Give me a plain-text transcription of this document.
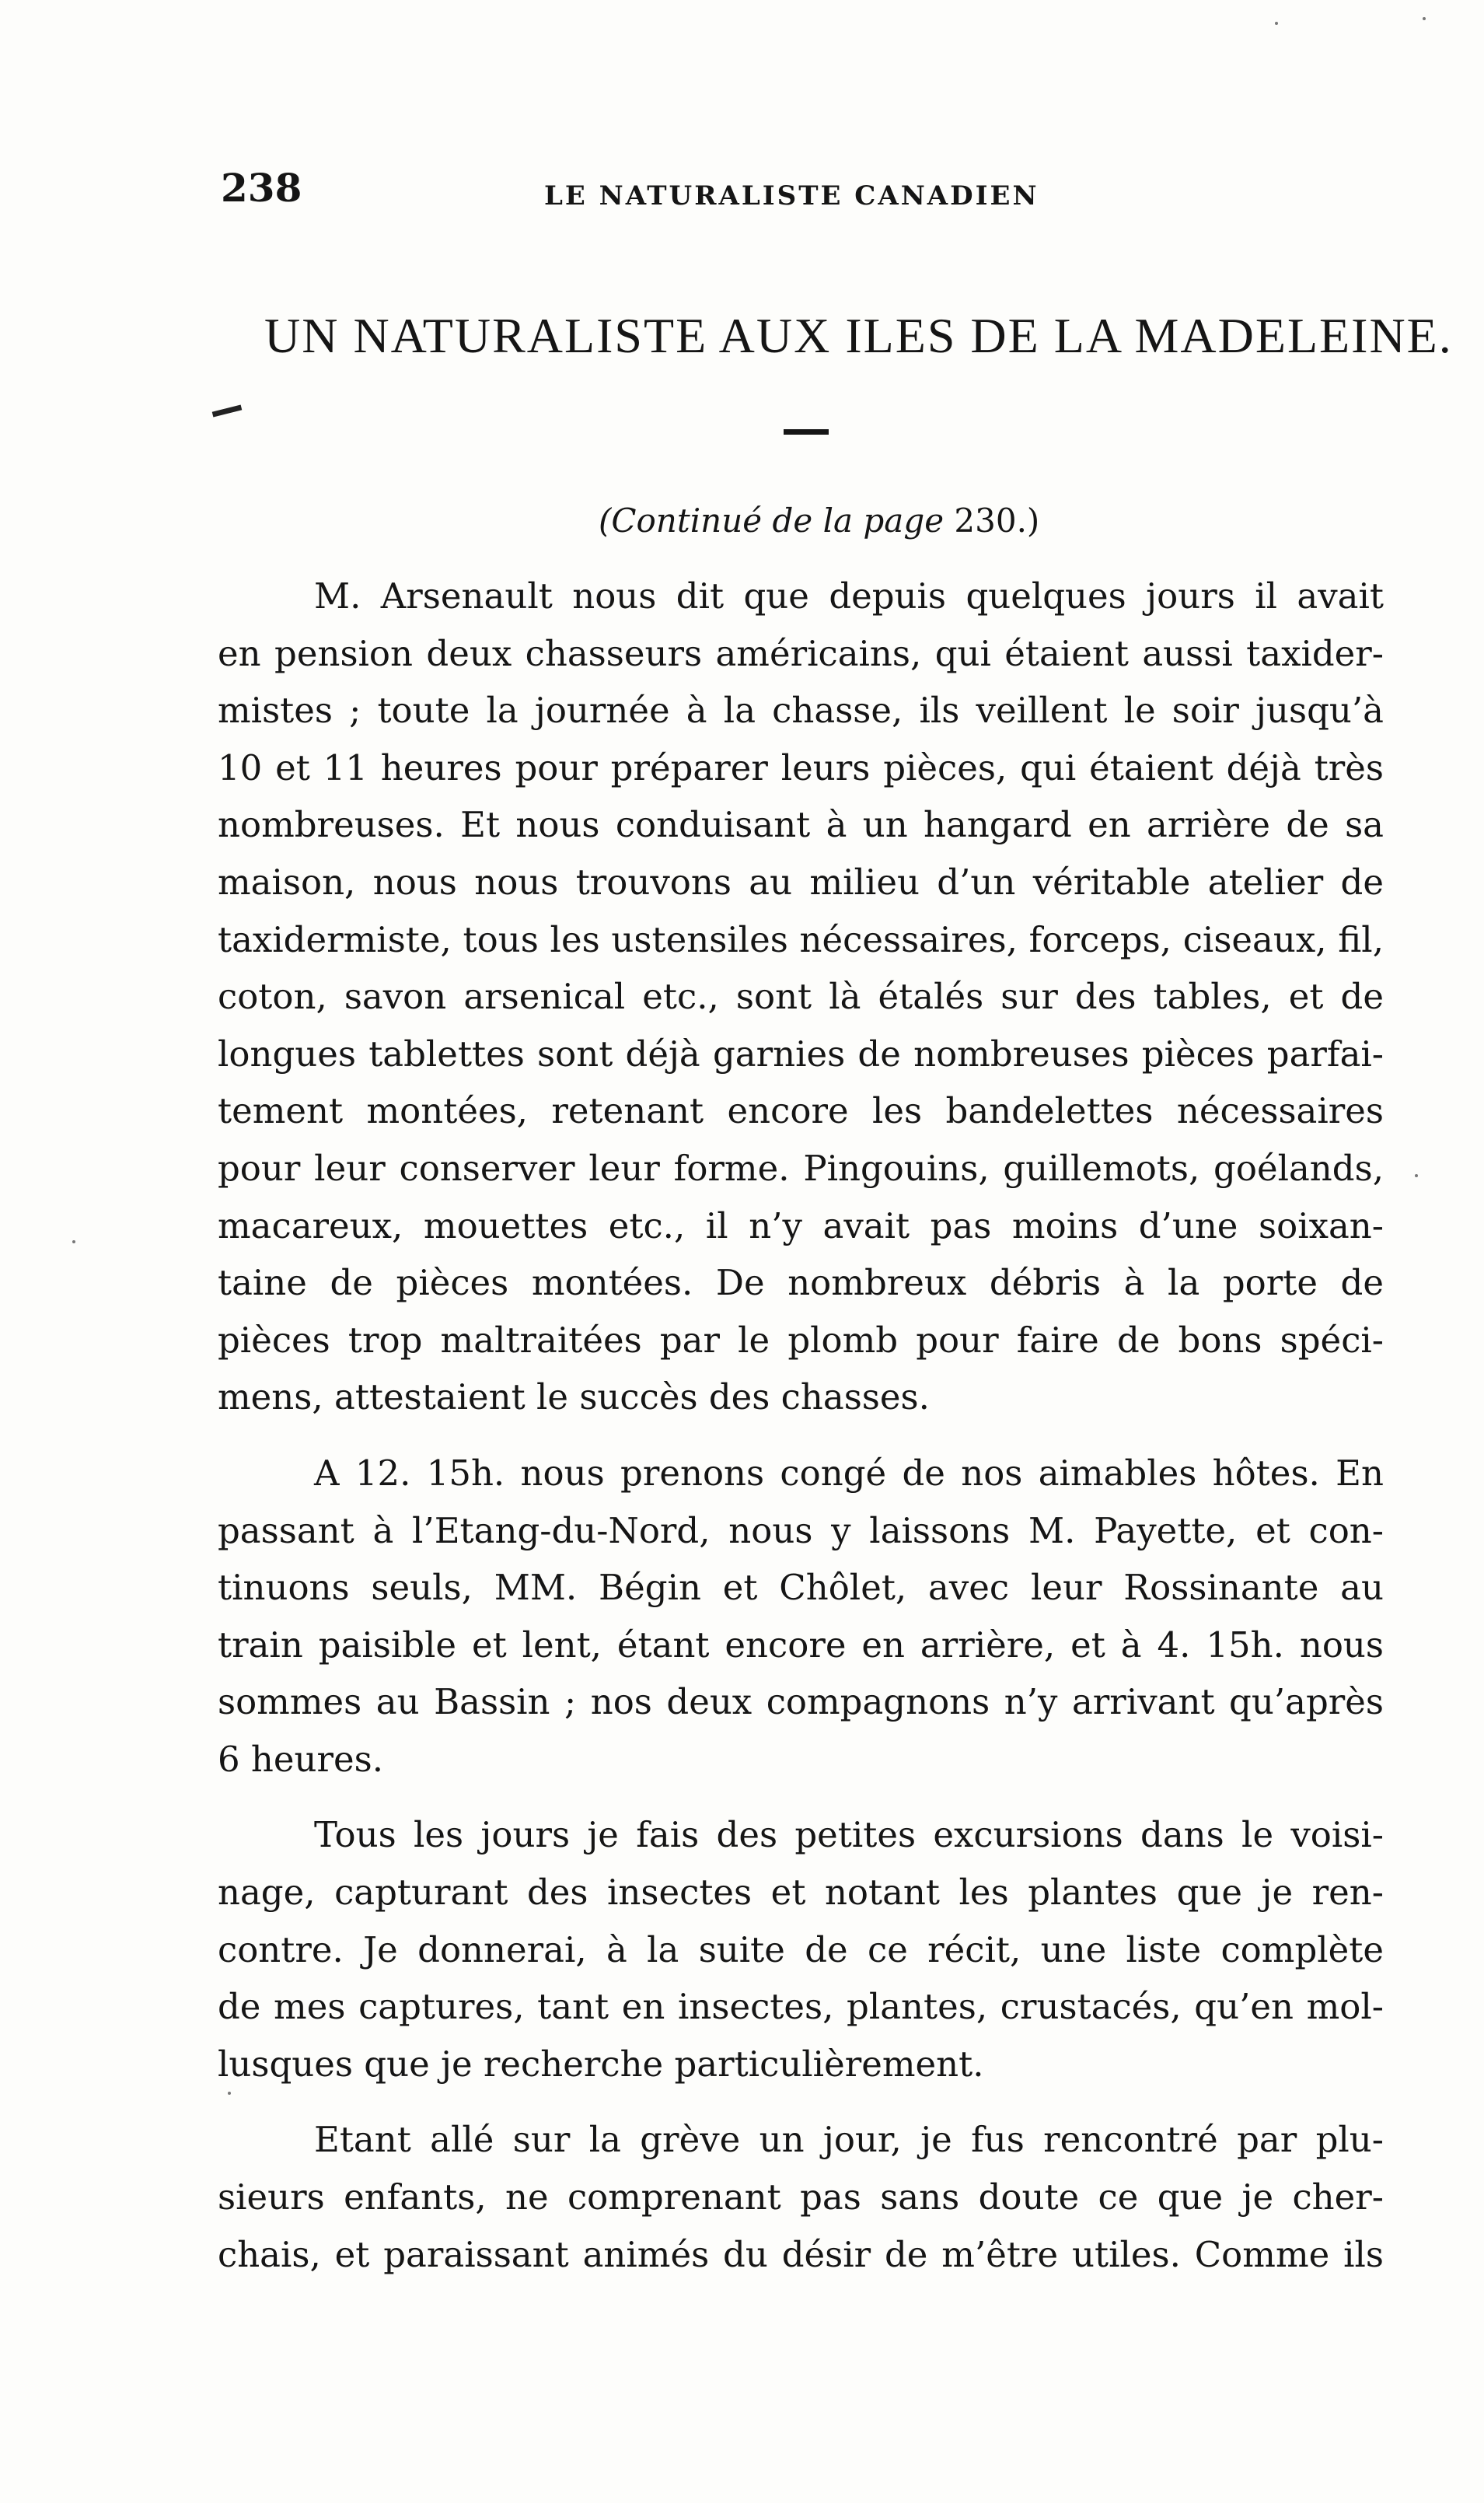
238	LE NATURALISTE CANADIEN
UN NATURALISTE AUX ILES DE LA MADELEINE.
(Continué de la page 230.)
M. Arsenault nous dit que depuis quelques jours il avait
en pension deux chasseurs américains, qui étaient aussi taxider-
mistes ; toute la journée à la chasse, ils veillent le soir jusqu’à
10 et 11 heures pour préparer leurs pièces, qui étaient déjà très
nombreuses. Et nous conduisant à un hangard en arrière de sa
maison, nous nous trouvons au milieu d’un véritable atelier de
taxidermiste, tous les ustensiles nécessaires, forceps, ciseaux, fil,
coton, savon arsenical etc., sont là étalés sur des tables, et de
longues tablettes sont déjà garnies de nombreuses pièces parfai-
tement montées, retenant encore les bandelettes nécessaires
pour leur conserver leur forme. Pingouins, guillemots, goélands,
macareux, mouettes etc., il n’y avait pas moins d’une soixan-
taine de pièces montées. De nombreux débris à la porte de
pièces trop maltraitées par le plomb pour faire de bons spéci-
mens, attestaient le succès des chasses.
A 12. 15h. nous prenons congé de nos aimables hôtes. En
passant à l’Etang-du-Nord, nous y laissons M. Payette, et con-
tinuons seuls, MM. Bégin et Chôlet, avec leur Rossinante au
train paisible et lent, étant encore en arrière, et à 4. 15h. nous
sommes au Bassin ; nos deux compagnons n’y arrivant qu’après
6 heures.
Tous les jours je fais des petites excursions dans le voisi-
nage, capturant des insectes et notant les plantes que je ren-
contre. Je donnerai, à la suite de ce récit, une liste complète
de mes captures, tant en insectes, plantes, crustacés, qu’en mol-
lusques que je recherche particulièrement.
Etant allé sur la grève un jour, je fus rencontré par plu-
sieurs enfants, ne comprenant pas sans doute ce que je cher-
chais, et paraissant animés du désir de m’être utiles. Comme ils
